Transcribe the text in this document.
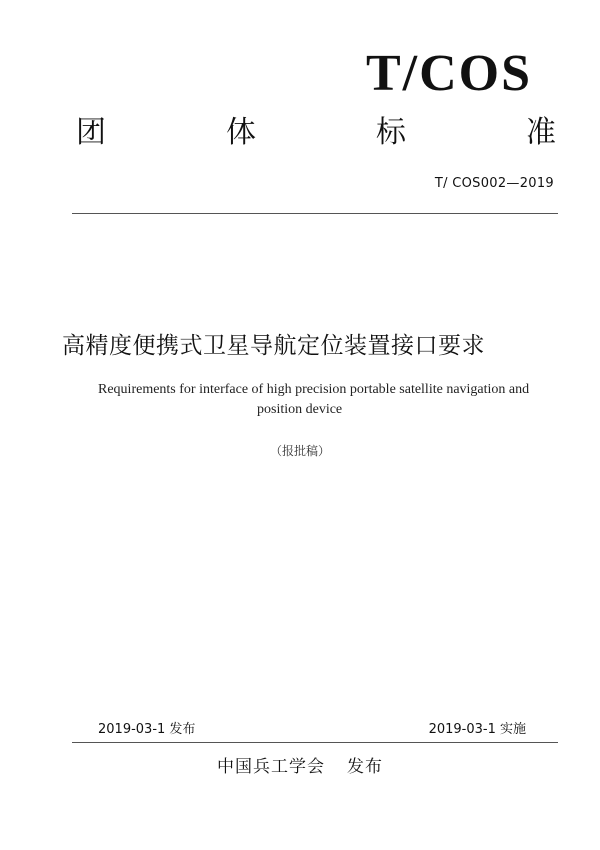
T/COS
团	体	标	准
T/ COS002—2019
高精度便携式卫星导航定位装置接口要求
Requirements for interface of high precision portable satellite navigation and
position device
（报批稿）
2019-03-1 发布	2019-03-1 实施
中国兵工学会 发布
